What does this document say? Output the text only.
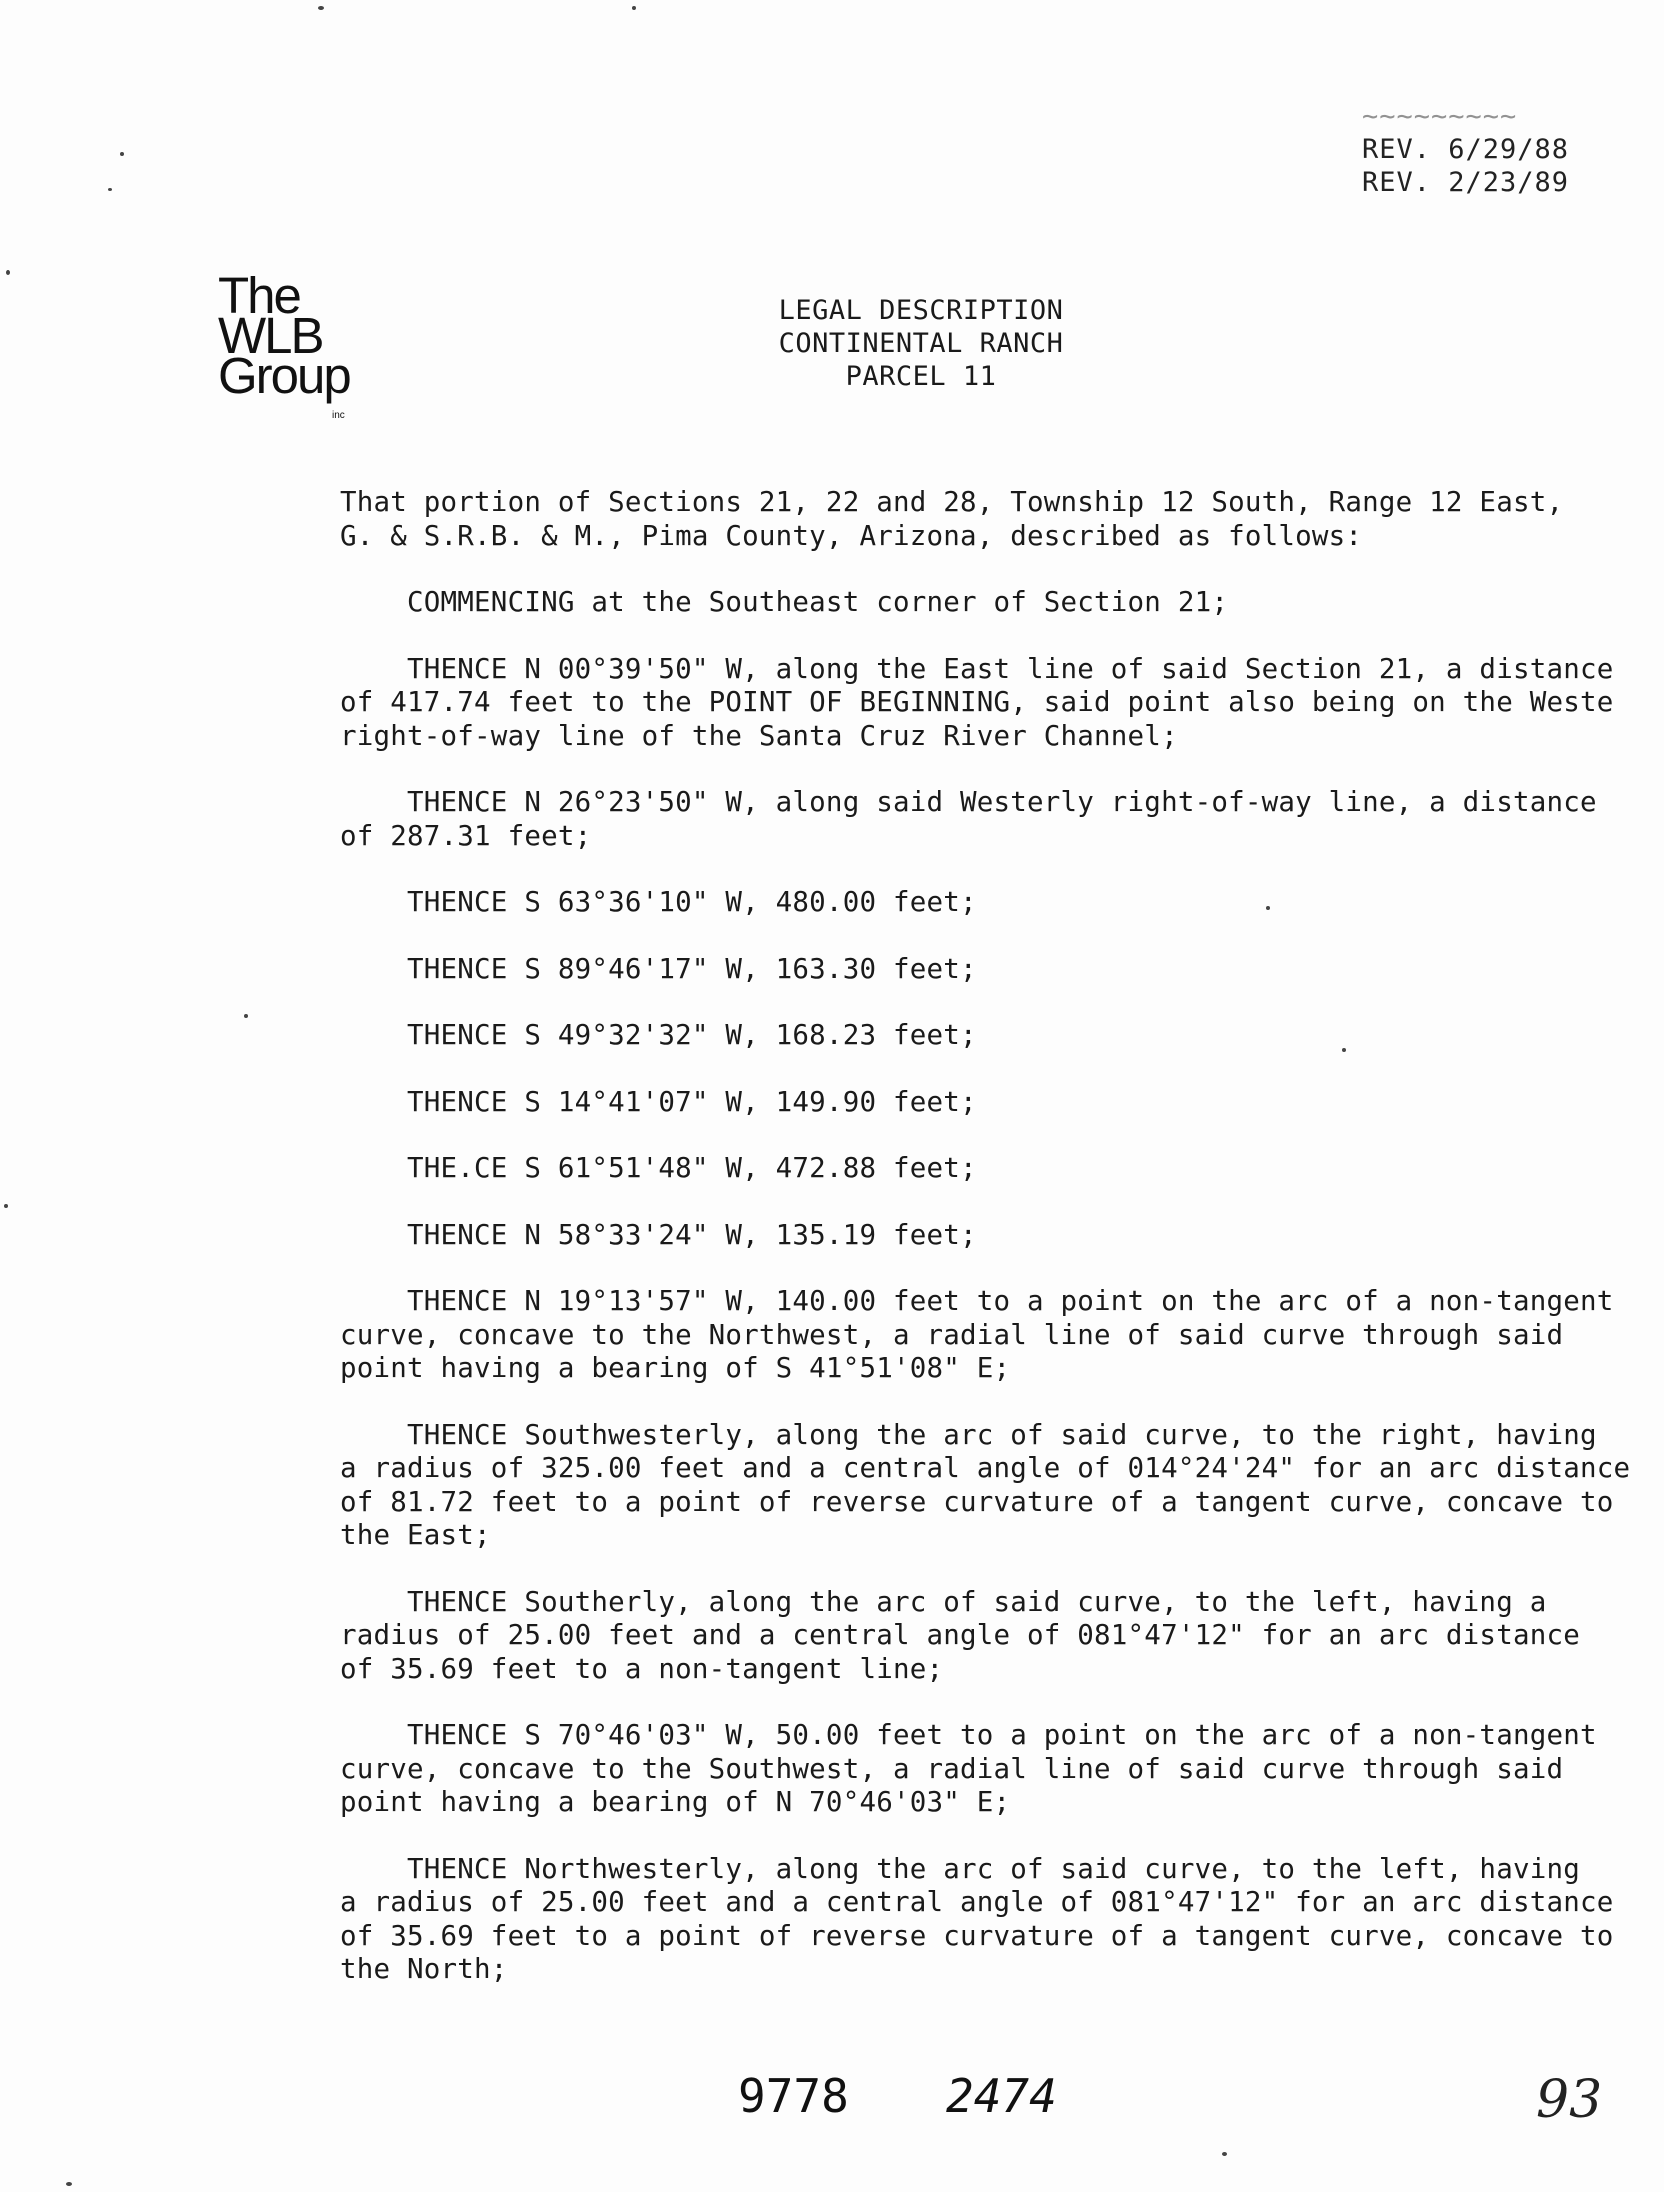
~~~~~~~~~
REV. 6/29/88
REV. 2/23/89
The
WLB
Group
inc
LEGAL DESCRIPTION
CONTINENTAL RANCH
PARCEL 11

That portion of Sections 21, 22 and 28, Township 12 South, Range 12 East,
G. & S.R.B. & M., Pima County, Arizona, described as follows:

COMMENCING at the Southeast corner of Section 21;

THENCE N 00°39'50" W, along the East line of said Section 21, a distance
of 417.74 feet to the POINT OF BEGINNING, said point also being on the Weste
right-of-way line of the Santa Cruz River Channel;

THENCE N 26°23'50" W, along said Westerly right-of-way line, a distance
of 287.31 feet;

THENCE S 63°36'10" W, 480.00 feet;

THENCE S 89°46'17" W, 163.30 feet;

THENCE S 49°32'32" W, 168.23 feet;

THENCE S 14°41'07" W, 149.90 feet;

THE.CE S 61°51'48" W, 472.88 feet;

THENCE N 58°33'24" W, 135.19 feet;

THENCE N 19°13'57" W, 140.00 feet to a point on the arc of a non-tangent
curve, concave to the Northwest, a radial line of said curve through said
point having a bearing of S 41°51'08" E;

THENCE Southwesterly, along the arc of said curve, to the right, having
a radius of 325.00 feet and a central angle of 014°24'24" for an arc distance
of 81.72 feet to a point of reverse curvature of a tangent curve, concave to
the East;

THENCE Southerly, along the arc of said curve, to the left, having a
radius of 25.00 feet and a central angle of 081°47'12" for an arc distance
of 35.69 feet to a non-tangent line;

THENCE S 70°46'03" W, 50.00 feet to a point on the arc of a non-tangent
curve, concave to the Southwest, a radial line of said curve through said
point having a bearing of N 70°46'03" E;

THENCE Northwesterly, along the arc of said curve, to the left, having
a radius of 25.00 feet and a central angle of 081°47'12" for an arc distance
of 35.69 feet to a point of reverse curvature of a tangent curve, concave to
the North;

9778 2474	93
